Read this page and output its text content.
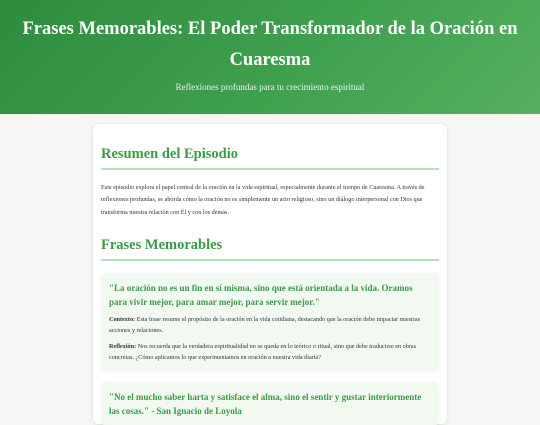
Frases Memorables: El Poder Transformador de la Oración en Cuaresma
Reflexiones profundas para tu crecimiento espiritual
Resumen del Episodio

Este episodio explora el papel central de la oración en la vida espiritual, especialmente durante el tiempo de Cuaresma. A través de reflexiones profundas, se aborda cómo la oración no es simplemente un acto religioso, sino un diálogo interpersonal con Dios que transforma nuestra relación con Él y con los demás.

Frases Memorables

"La oración no es un fin en sí misma, sino que está orientada a la vida. Oramos para vivir mejor, para amar mejor, para servir mejor."

Contexto: Esta frase resume el propósito de la oración en la vida cotidiana, destacando que la oración debe impactar nuestras acciones y relaciones.

Reflexión: Nos recuerda que la verdadera espiritualidad no se queda en lo teórico o ritual, sino que debe traducirse en obras concretas. ¿Cómo aplicamos lo que experimentamos en oración a nuestra vida diaria?

"No el mucho saber harta y satisface el alma, sino el sentir y gustar interiormente las cosas." - San Ignacio de Loyola
